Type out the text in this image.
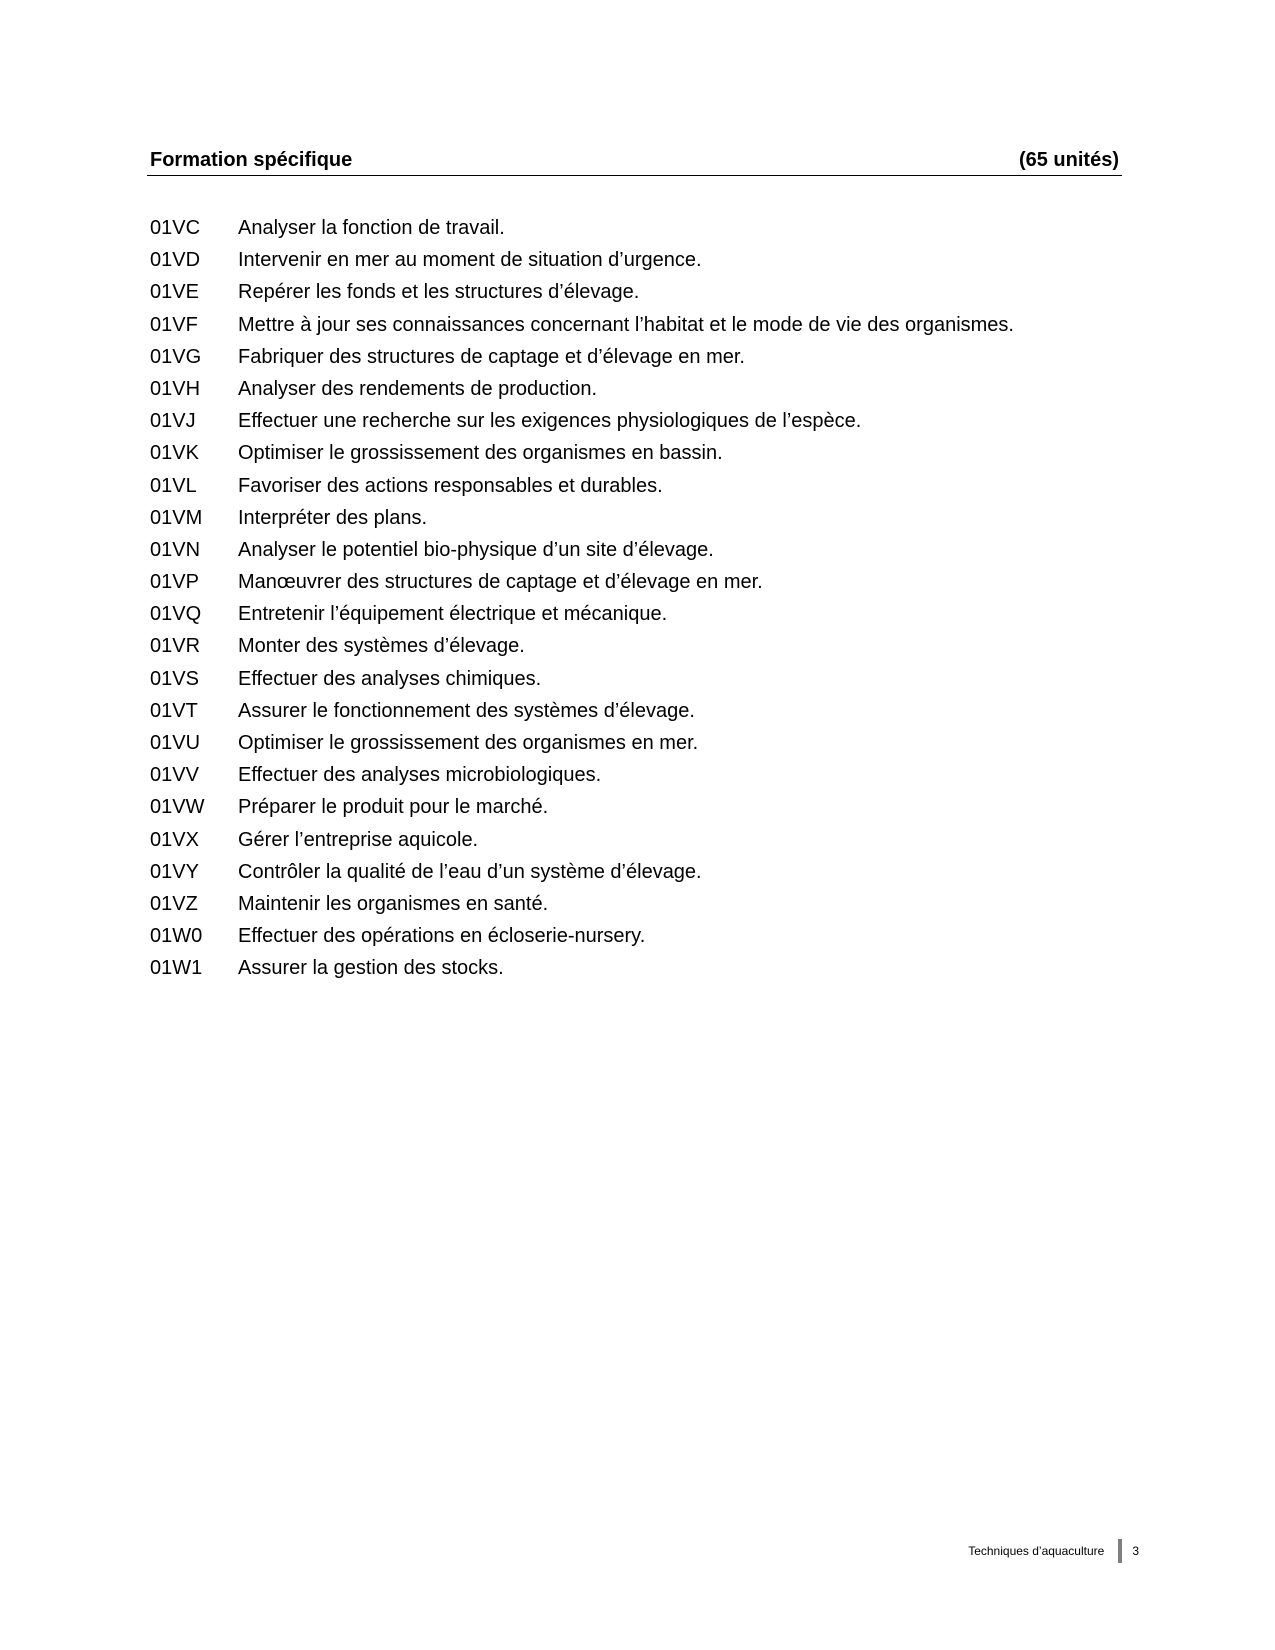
Formation spécifique	(65 unités)
01VC	Analyser la fonction de travail.
01VD	Intervenir en mer au moment de situation d’urgence.
01VE	Repérer les fonds et les structures d’élevage.
01VF	Mettre à jour ses connaissances concernant l’habitat et le mode de vie des organismes.
01VG	Fabriquer des structures de captage et d’élevage en mer.
01VH	Analyser des rendements de production.
01VJ	Effectuer une recherche sur les exigences physiologiques de l’espèce.
01VK	Optimiser le grossissement des organismes en bassin.
01VL	Favoriser des actions responsables et durables.
01VM	Interpréter des plans.
01VN	Analyser le potentiel bio-physique d’un site d’élevage.
01VP	Manœuvrer des structures de captage et d’élevage en mer.
01VQ	Entretenir l’équipement électrique et mécanique.
01VR	Monter des systèmes d’élevage.
01VS	Effectuer des analyses chimiques.
01VT	Assurer le fonctionnement des systèmes d’élevage.
01VU	Optimiser le grossissement des organismes en mer.
01VV	Effectuer des analyses microbiologiques.
01VW	Préparer le produit pour le marché.
01VX	Gérer l’entreprise aquicole.
01VY	Contrôler la qualité de l’eau d’un système d’élevage.
01VZ	Maintenir les organismes en santé.
01W0	Effectuer des opérations en écloserie-nursery.
01W1	Assurer la gestion des stocks.
Techniques d’aquaculture 3
